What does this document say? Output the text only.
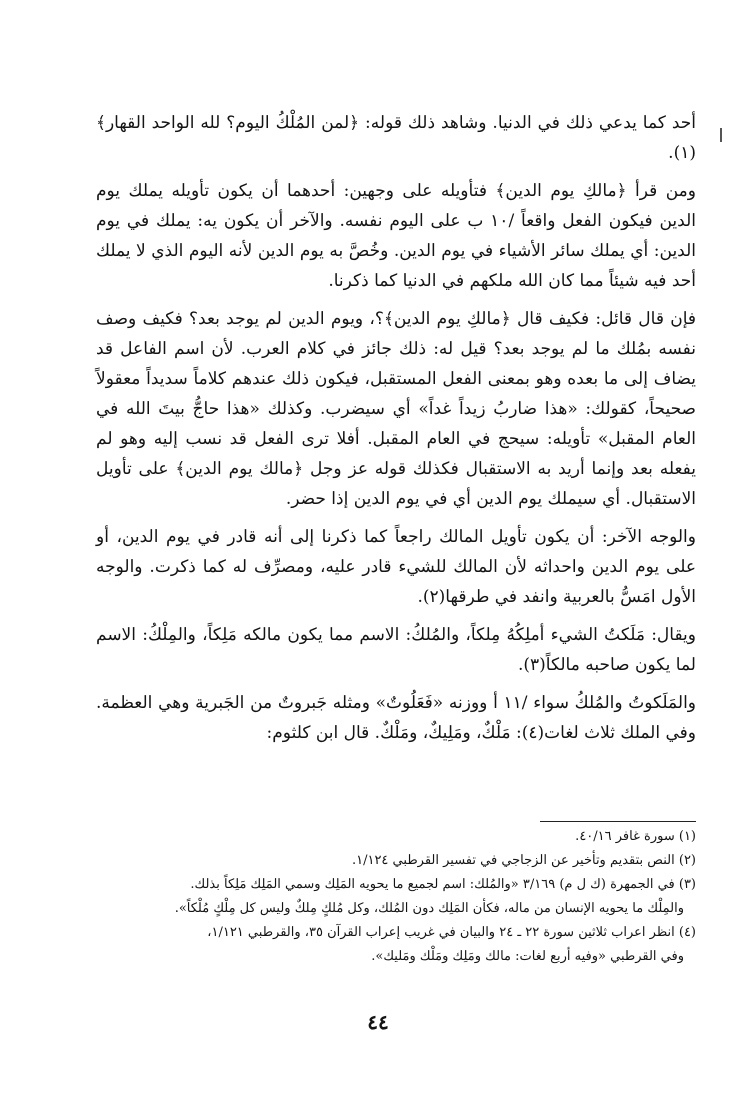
أحد كما يدعي ذلك في الدنيا. وشاهد ذلك قوله: ﴿لمن المُلْكُ اليوم؟ لله الواحد القهار﴾(١).

ومن قرأ ﴿مالكِ يوم الدين﴾ فتأويله على وجهين: أحدهما أن يكون تأويله يملك يوم الدين فيكون الفعل واقعاً /١٠ ب على اليوم نفسه. والآخر أن يكون يه: يملك في يوم الدين: أي يملك سائر الأشياء في يوم الدين. وخُصَّ به يوم الدين لأنه اليوم الذي لا يملك أحد فيه شيئاً مما كان الله ملكهم في الدنيا كما ذكرنا.

فإن قال قائل: فكيف قال ﴿مالكِ يوم الدين﴾؟، ويوم الدين لم يوجد بعد؟ فكيف وصف نفسه بمُلك ما لم يوجد بعد؟ قيل له: ذلك جائز في كلام العرب. لأن اسم الفاعل قد يضاف إلى ما بعده وهو بمعنى الفعل المستقبل، فيكون ذلك عندهم كلاماً سديداً معقولاً صحيحاً، كقولك: «هذا ضاربُ زيداً غداً» أي سيضرب. وكذلك «هذا حاجُّ بيتَ الله في العام المقبل» تأويله: سيحج في العام المقبل. أفلا ترى الفعل قد نسب إليه وهو لم يفعله بعد وإنما أريد به الاستقبال فكذلك قوله عز وجل ﴿مالك يوم الدين﴾ على تأويل الاستقبال. أي سيملك يوم الدين أي في يوم الدين إذا حضر.

والوجه الآخر: أن يكون تأويل المالك راجعاً كما ذكرنا إلى أنه قادر في يوم الدين، أو على يوم الدين واحداثه لأن المالك للشيء قادر عليه، ومصرِّف له كما ذكرت. والوجه الأول امَسُّ بالعربية وانفد في طرقها(٢).

ويقال: مَلَكتُ الشيء أملِكُهُ مِلكاً، والمُلكُ: الاسم مما يكون مالكه مَلِكاً، والمِلْكُ: الاسم لما يكون صاحبه مالكاً(٣).

والمَلَكوتُ والمُلكُ سواء /١١ أ ووزنه «فَعَلُوتٌ» ومثله جَبروتٌ من الجَبرية وهي العظمة. وفي الملك ثلاث لغات(٤): مَلْكٌ، ومَلِيكٌ، ومَلْكٌ. قال ابن كلثوم:

(١) سورة غافر ٤٠/١٦.

(٢) النص بتقديم وتأخير عن الزجاجي في تفسير القرطبي ١/١٢٤.

(٣) في الجمهرة (ك ل م) ٣/١٦٩ «والمُلك: اسم لجميع ما يحويه المَلِك وسمي المَلِك مَلِكاً بذلك.

والمِلْك ما يحويه الإنسان من ماله، فكأن المَلِك دون المُلك، وكل مُلكٍ مِلكٌ وليس كل مِلْكٍ مُلْكاً».

(٤) انظر اعراب ثلاثين سورة ٢٢ ـ ٢٤ والبيان في غريب إعراب القرآن ٣٥، والقرطبي ١/١٢١،

وفي القرطبي «وفيه أربع لغات: مالك ومَلِك ومَلْك ومَليك».

٤٤
